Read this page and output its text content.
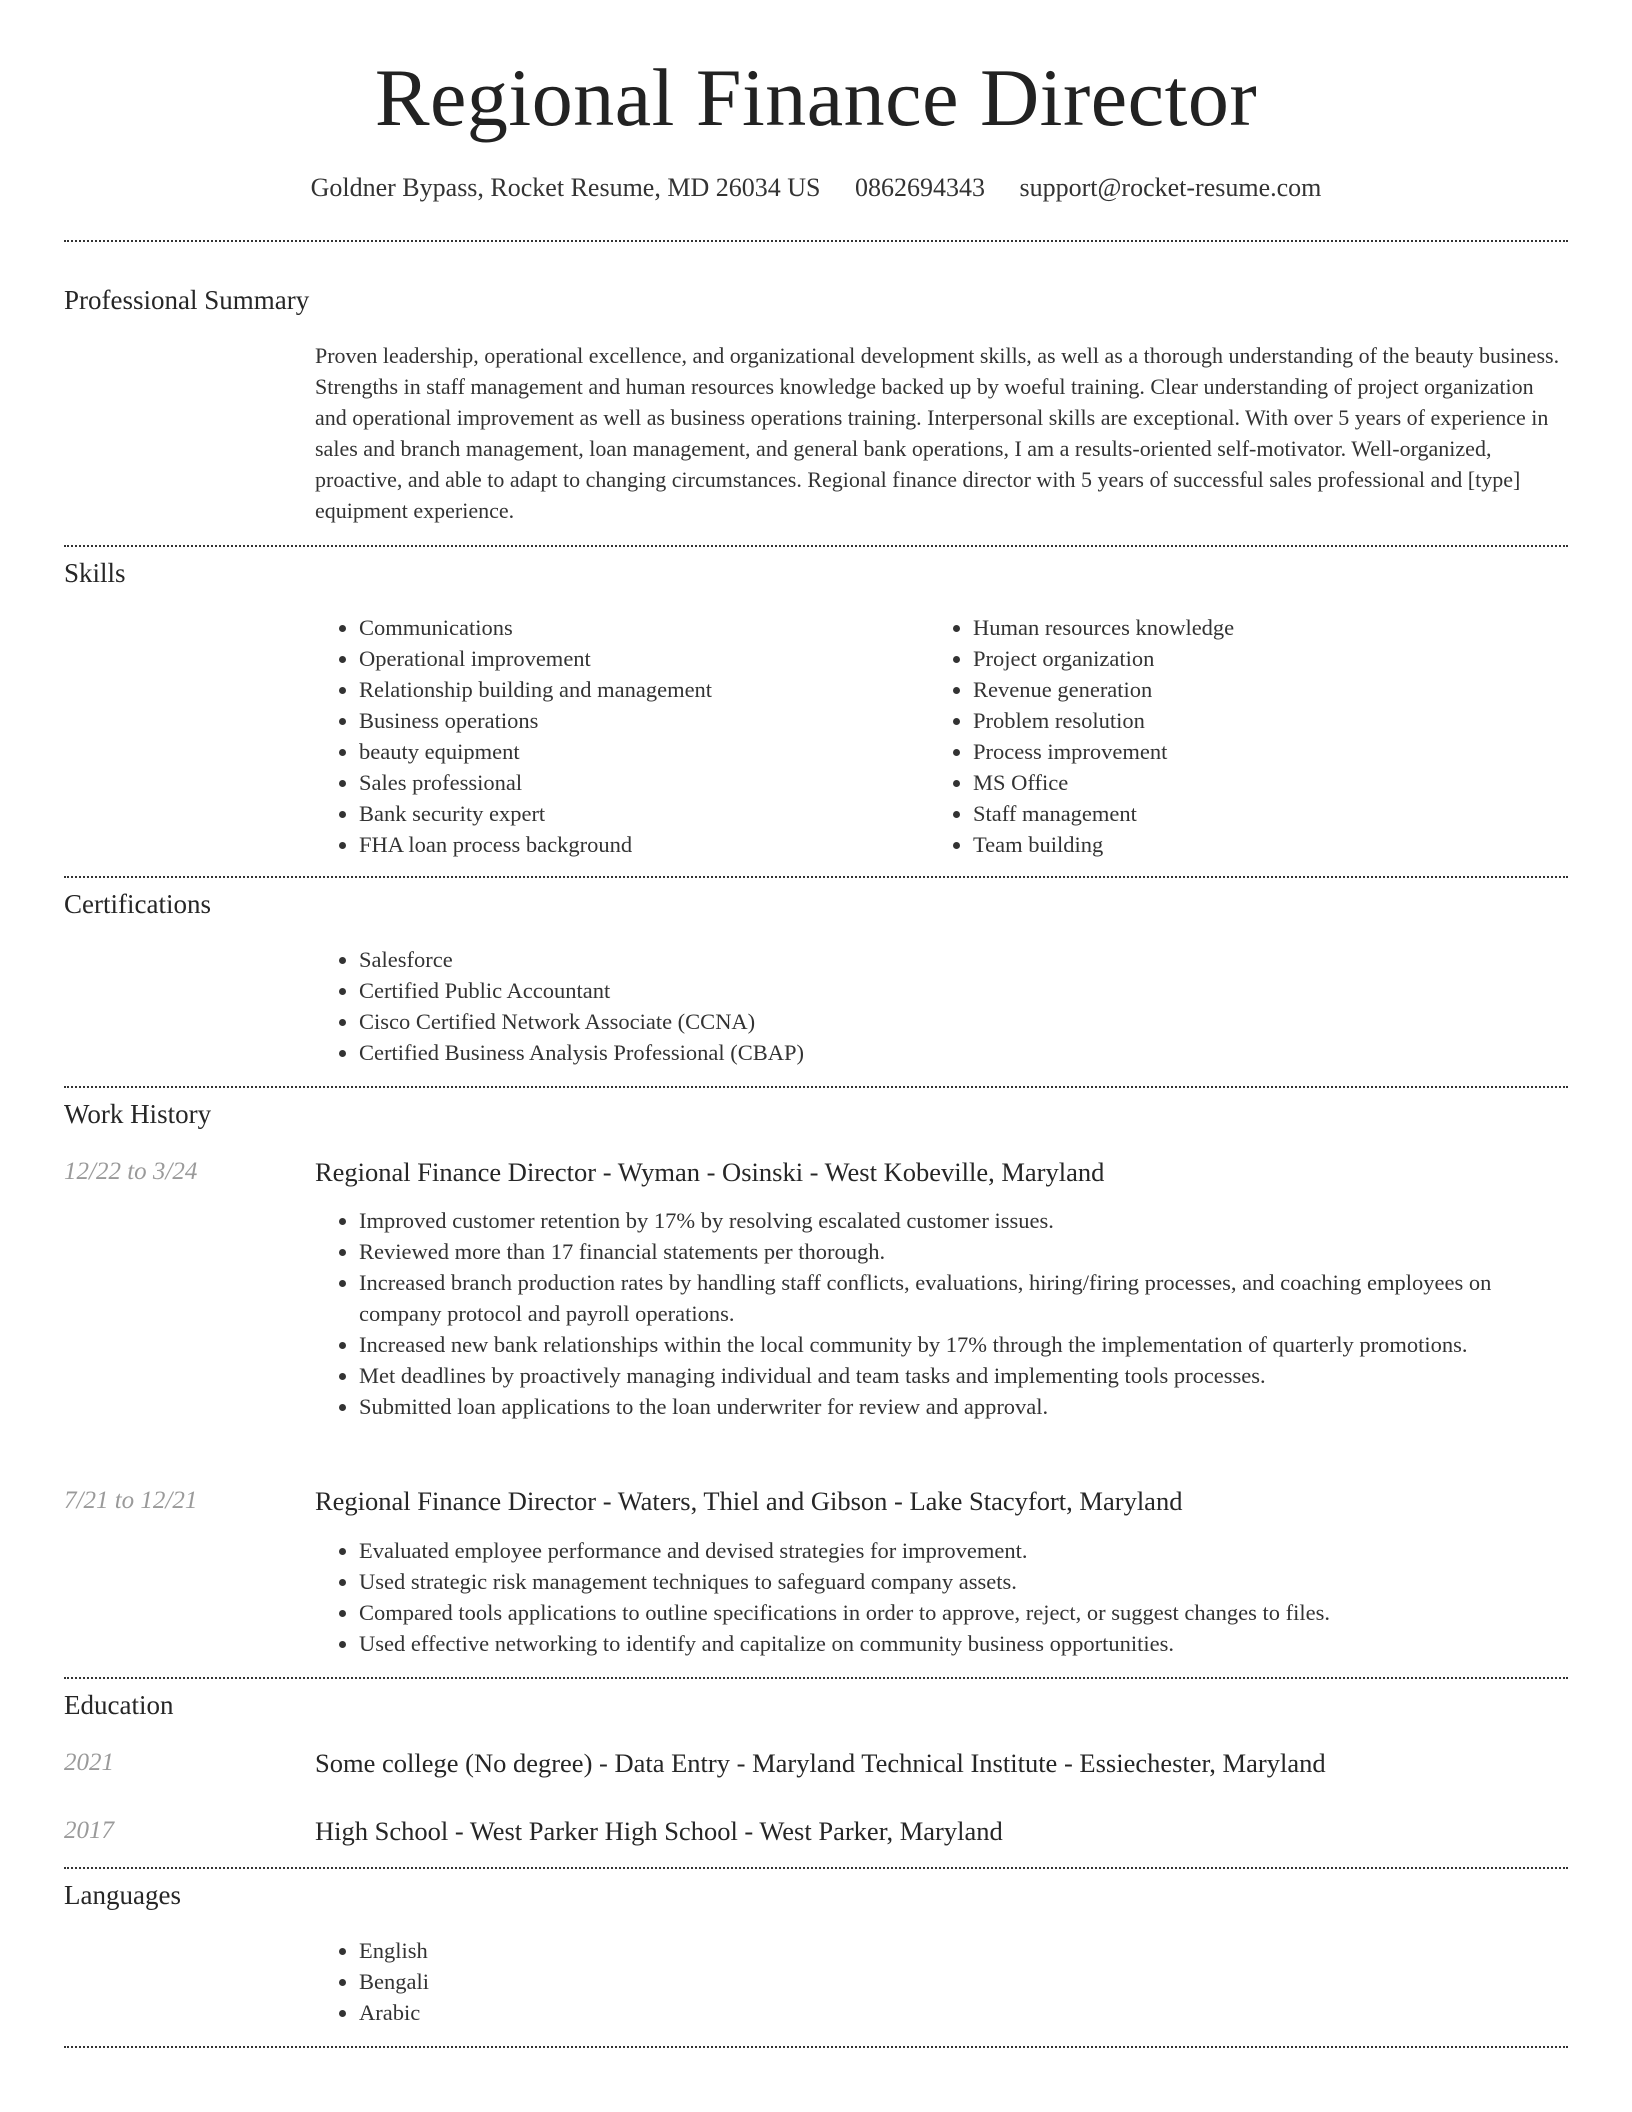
Regional Finance Director
Goldner Bypass, Rocket Resume, MD 26034 US 0862694343 support@rocket-resume.com
Professional Summary

Proven leadership, operational excellence, and organizational development skills, as well as a thorough understanding of the beauty business. Strengths in staff management and human resources knowledge backed up by woeful training. Clear understanding of project organization and operational improvement as well as business operations training. Interpersonal skills are exceptional. With over 5 years of experience in sales and branch management, loan management, and general bank operations, I am a results-oriented self-motivator. Well-organized, proactive, and able to adapt to changing circumstances. Regional finance director with 5 years of successful sales professional and [type] equipment experience.

Skills
• Communications
• Operational improvement
• Relationship building and management
• Business operations
• beauty equipment
• Sales professional
• Bank security expert
• FHA loan process background
• Human resources knowledge
• Project organization
• Revenue generation
• Problem resolution
• Process improvement
• MS Office
• Staff management
• Team building
Certifications
• Salesforce
• Certified Public Accountant
• Cisco Certified Network Associate (CCNA)
• Certified Business Analysis Professional (CBAP)
Work History
12/22 to 3/24	Regional Finance Director - Wyman - Osinski - West Kobeville, Maryland
• Improved customer retention by 17% by resolving escalated customer issues.
• Reviewed more than 17 financial statements per thorough.
• Increased branch production rates by handling staff conflicts, evaluations, hiring/firing processes, and coaching employees on company protocol and payroll operations.
• Increased new bank relationships within the local community by 17% through the implementation of quarterly promotions.
• Met deadlines by proactively managing individual and team tasks and implementing tools processes.
• Submitted loan applications to the loan underwriter for review and approval.
7/21 to 12/21	Regional Finance Director - Waters, Thiel and Gibson - Lake Stacyfort, Maryland
• Evaluated employee performance and devised strategies for improvement.
• Used strategic risk management techniques to safeguard company assets.
• Compared tools applications to outline specifications in order to approve, reject, or suggest changes to files.
• Used effective networking to identify and capitalize on community business opportunities.
Education
2021	Some college (No degree) - Data Entry - Maryland Technical Institute - Essiechester, Maryland
2017	High School - West Parker High School - West Parker, Maryland
Languages
• English
• Bengali
• Arabic
